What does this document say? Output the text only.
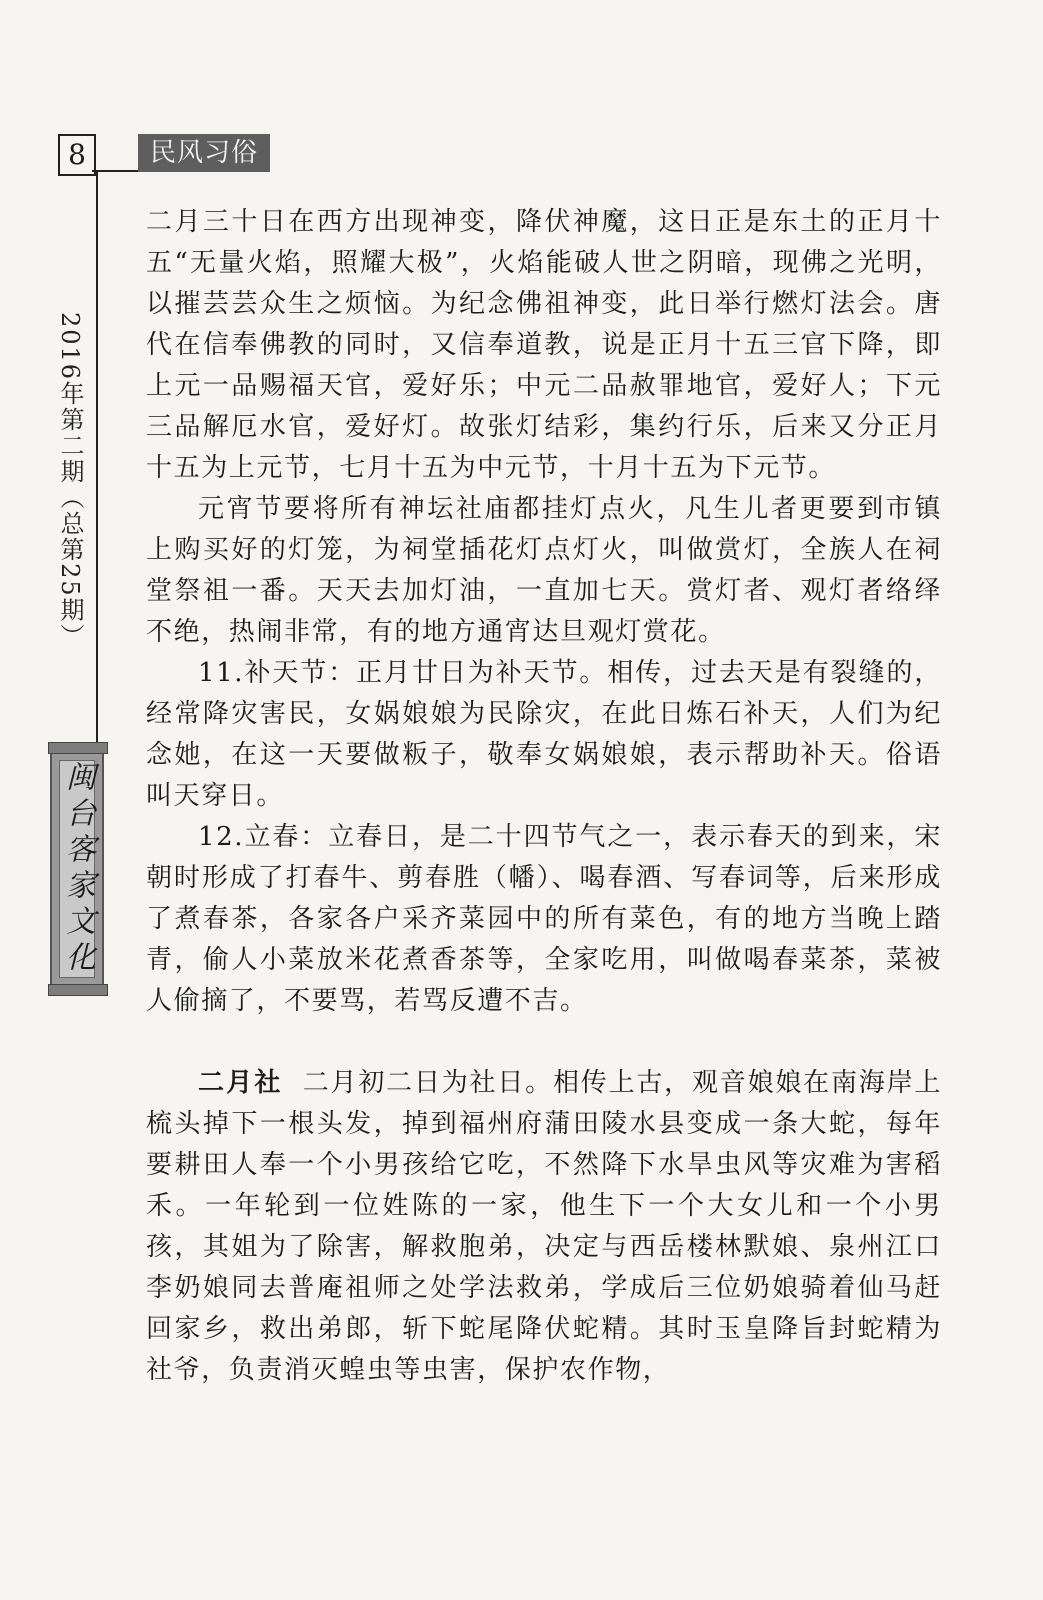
8	民风习俗
2016年第二期（总第25期）
闽台客家文化

二月三十日在西方出现神变，降伏神魔，这日正是东土的正月十五“无量火焰，照耀大极”，火焰能破人世之阴暗，现佛之光明，以摧芸芸众生之烦恼。为纪念佛祖神变，此日举行燃灯法会。唐代在信奉佛教的同时，又信奉道教，说是正月十五三官下降，即上元一品赐福天官，爱好乐；中元二品赦罪地官，爱好人；下元三品解厄水官，爱好灯。故张灯结彩，集约行乐，后来又分正月十五为上元节，七月十五为中元节，十月十五为下元节。

元宵节要将所有神坛社庙都挂灯点火，凡生儿者更要到市镇上购买好的灯笼，为祠堂插花灯点灯火，叫做赏灯，全族人在祠堂祭祖一番。天天去加灯油，一直加七天。赏灯者、观灯者络绎不绝，热闹非常，有的地方通宵达旦观灯赏花。

11.补天节：正月廿日为补天节。相传，过去天是有裂缝的，经常降灾害民，女娲娘娘为民除灾，在此日炼石补天，人们为纪念她，在这一天要做粄子，敬奉女娲娘娘，表示帮助补天。俗语叫天穿日。

12.立春：立春日，是二十四节气之一，表示春天的到来，宋朝时形成了打春牛、剪春胜（幡）、喝春酒、写春词等，后来形成了煮春茶，各家各户采齐菜园中的所有菜色，有的地方当晚上踏青，偷人小菜放米花煮香茶等，全家吃用，叫做喝春菜茶，菜被人偷摘了，不要骂，若骂反遭不吉。

二月社 二月初二日为社日。相传上古，观音娘娘在南海岸上梳头掉下一根头发，掉到福州府蒲田陵水县变成一条大蛇，每年要耕田人奉一个小男孩给它吃，不然降下水旱虫风等灾难为害稻禾。一年轮到一位姓陈的一家，他生下一个大女儿和一个小男孩，其姐为了除害，解救胞弟，决定与西岳楼林默娘、泉州江口李奶娘同去普庵祖师之处学法救弟，学成后三位奶娘骑着仙马赶回家乡，救出弟郎，斩下蛇尾降伏蛇精。其时玉皇降旨封蛇精为社爷，负责消灭蝗虫等虫害，保护农作物，
